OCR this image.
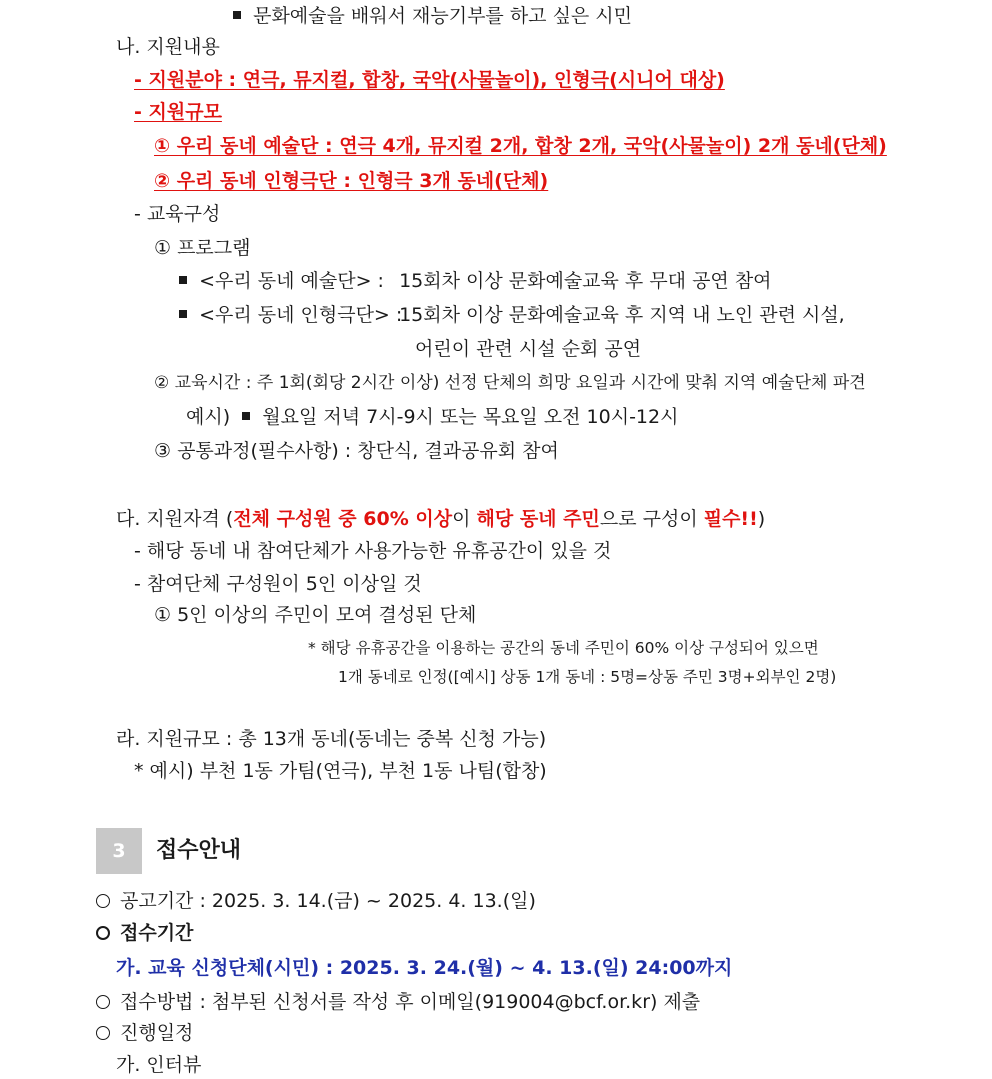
문화예술을 배워서 재능기부를 하고 싶은 시민
나. 지원내용
- 지원분야 : 연극, 뮤지컬, 합창, 국악(사물놀이), 인형극(시니어 대상)
- 지원규모
① 우리 동네 예술단 : 연극 4개, 뮤지컬 2개, 합창 2개, 국악(사물놀이) 2개 동네(단체)
② 우리 동네 인형극단 : 인형극 3개 동네(단체)
- 교육구성
① 프로그램
<우리 동네 예술단> : 15회차 이상 문화예술교육 후 무대 공연 참여
<우리 동네 인형극단> :15회차 이상 문화예술교육 후 지역 내 노인 관련 시설,
어린이 관련 시설 순회 공연
② 교육시간 : 주 1회(회당 2시간 이상) 선정 단체의 희망 요일과 시간에 맞춰 지역 예술단체 파견
예시) 월요일 저녁 7시-9시 또는 목요일 오전 10시-12시
③ 공통과정(필수사항) : 창단식, 결과공유회 참여
다. 지원자격 (전체 구성원 중 60% 이상이 해당 동네 주민으로 구성이 필수!!)
- 해당 동네 내 참여단체가 사용가능한 유휴공간이 있을 것
- 참여단체 구성원이 5인 이상일 것
① 5인 이상의 주민이 모여 결성된 단체
* 해당 유휴공간을 이용하는 공간의 동네 주민이 60% 이상 구성되어 있으면
1개 동네로 인정([예시] 상동 1개 동네 : 5명=상동 주민 3명+외부인 2명)
라. 지원규모 : 총 13개 동네(동네는 중복 신청 가능)
* 예시) 부천 1동 가팀(연극), 부천 1동 나팀(합창)
3	접수안내
공고기간 : 2025. 3. 14.(금) ~ 2025. 4. 13.(일)
접수기간
가. 교육 신청단체(시민) : 2025. 3. 24.(월) ~ 4. 13.(일) 24:00까지
접수방법 : 첨부된 신청서를 작성 후 이메일(919004@bcf.or.kr) 제출
진행일정
가. 인터뷰
